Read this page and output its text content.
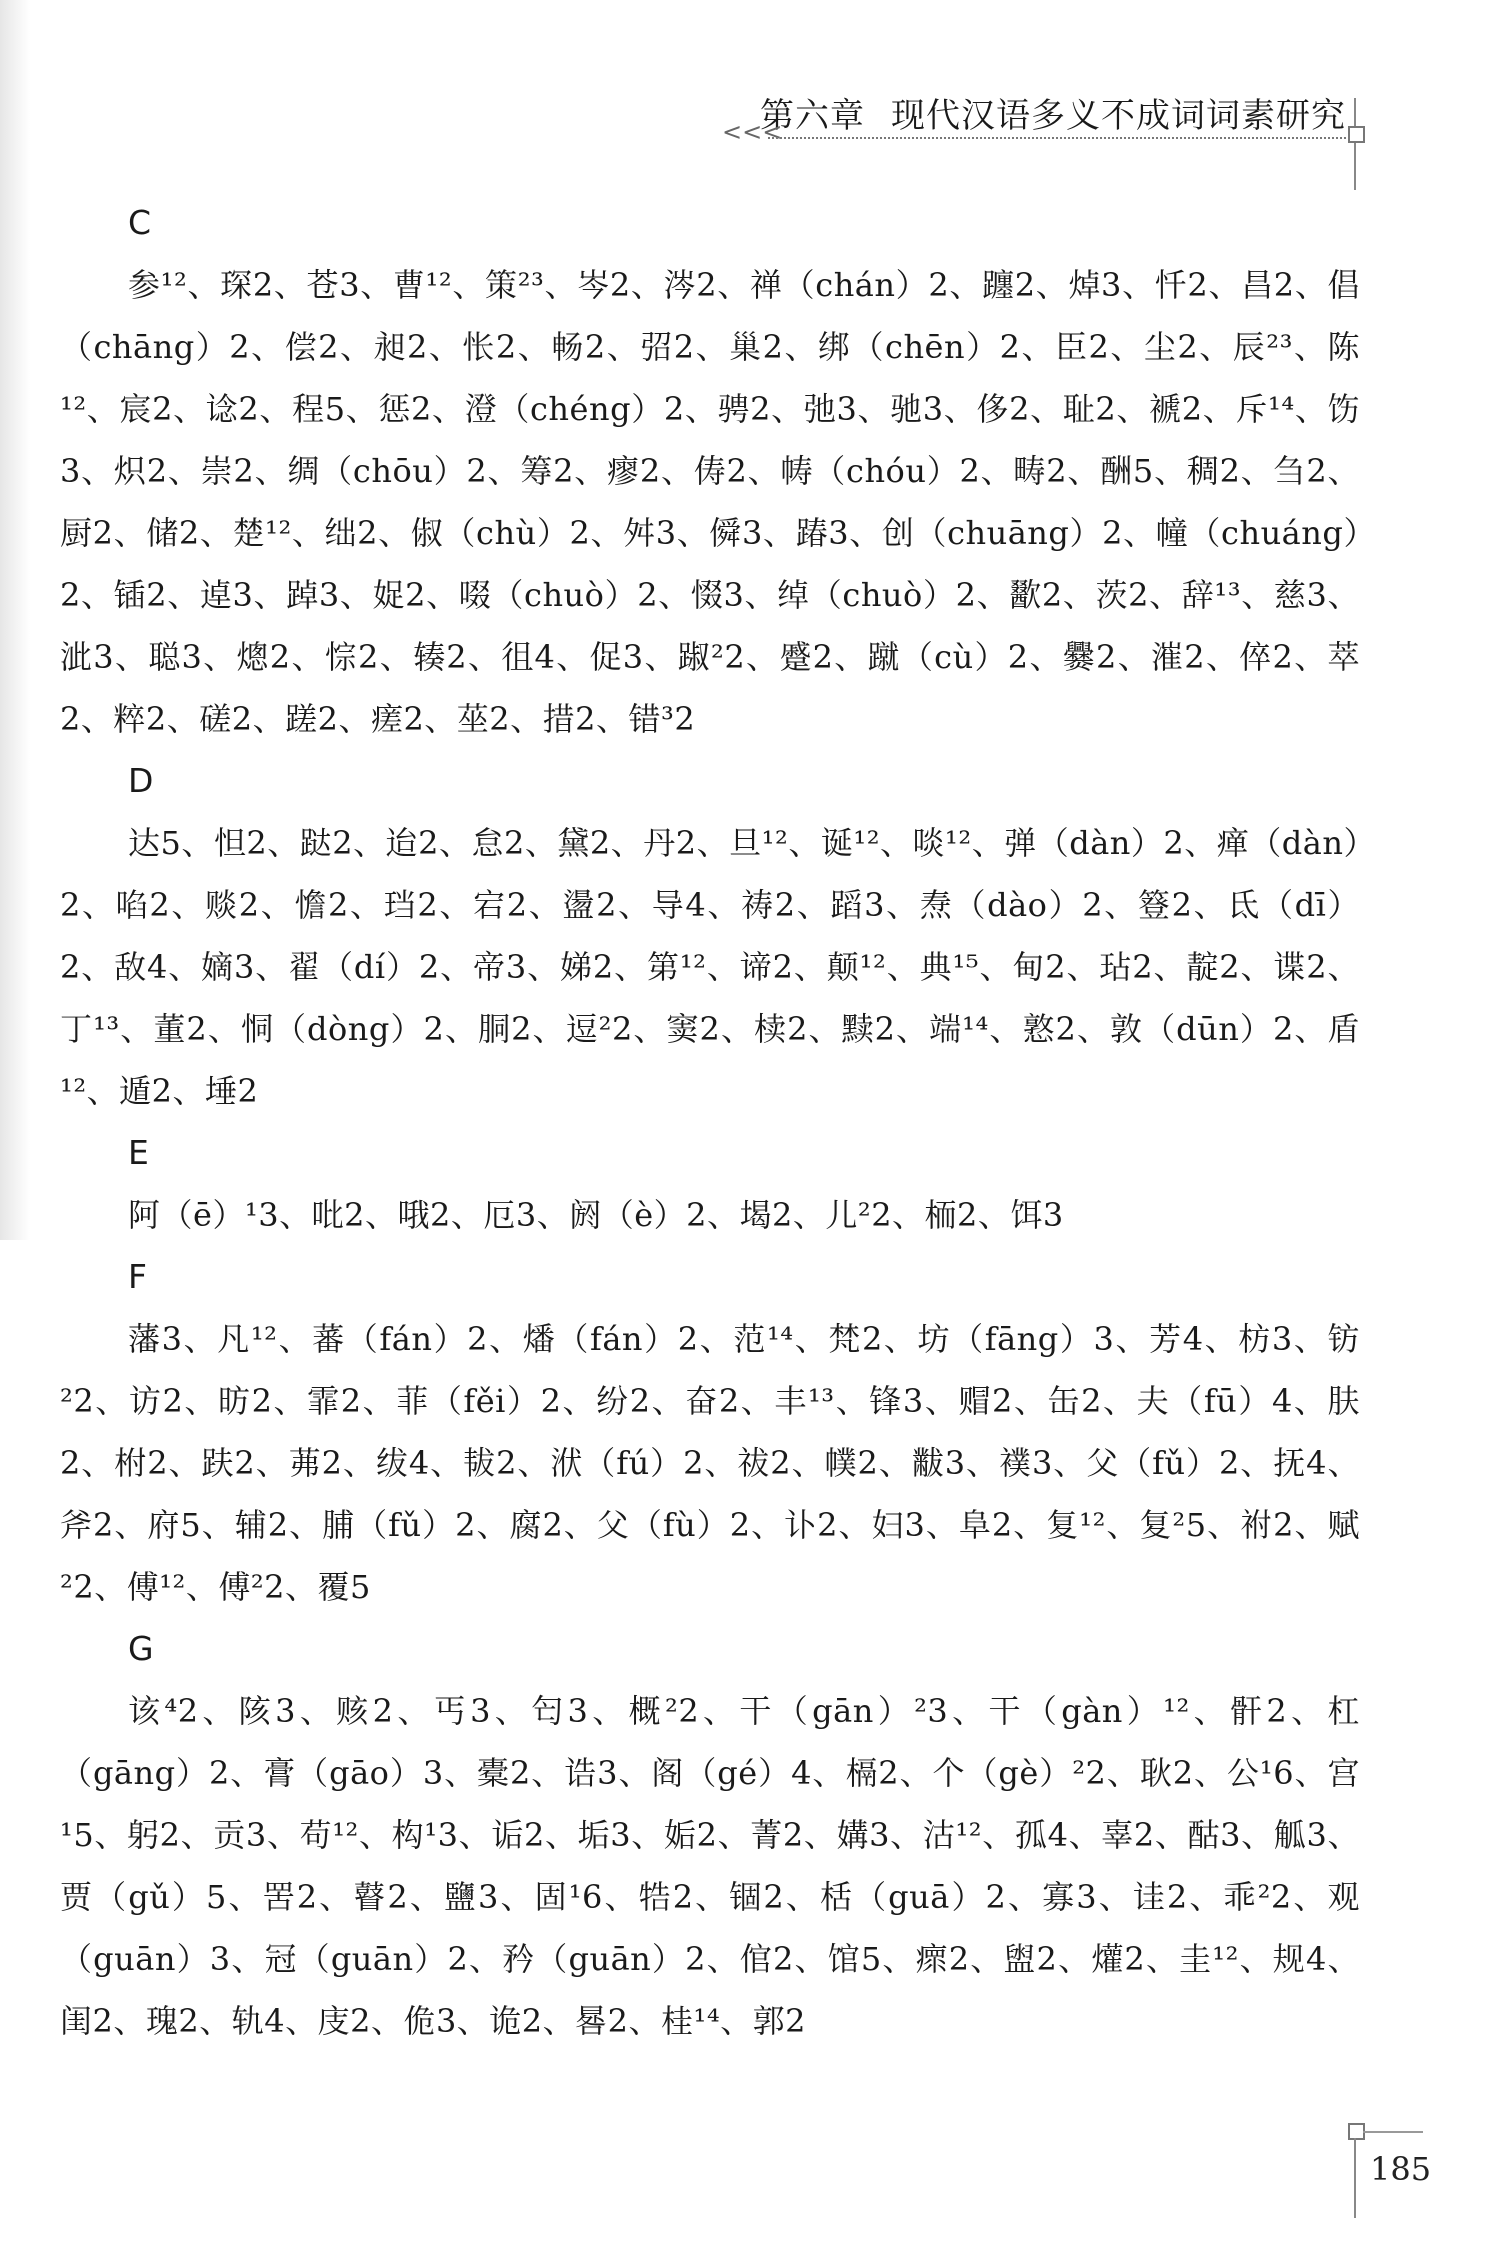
第六章 现代汉语多义不成词词素研究
<<<
C

参¹²、琛2、苍3、曹¹²、策²³、岑2、涔2、禅（chán）2、躔2、焯3、忏2、昌2、倡（chāng）2、偿2、昶2、怅2、畅2、弨2、巢2、绑（chēn）2、臣2、尘2、辰²³、陈¹²、宸2、谂2、程5、惩2、澄（chéng）2、骋2、弛3、驰3、侈2、耻2、褫2、斥¹⁴、饬3、炽2、崇2、绸（chōu）2、筹2、瘳2、俦2、帱（chóu）2、畴2、酬5、稠2、刍2、厨2、储2、楚¹²、绌2、俶（chù）2、舛3、僢3、踳3、创（chuāng）2、幢（chuáng）2、锸2、逴3、踔3、娖2、啜（chuò）2、惙3、绰（chuò）2、歠2、茨2、辞¹³、慈3、泚3、聪3、熜2、悰2、辏2、徂4、促3、踧²2、蹙2、蹴（cù）2、爨2、漼2、倅2、萃2、粹2、磋2、蹉2、瘥2、莝2、措2、错³2

D

达5、怛2、跶2、迨2、怠2、黛2、丹2、旦¹²、诞¹²、啖¹²、弹（dàn）2、瘅（dàn）2、啗2、赕2、憺2、珰2、宕2、盪2、导4、祷2、蹈3、焘（dào）2、簦2、氐（dī）2、敌4、嫡3、翟（dí）2、帝3、娣2、第¹²、谛2、颠¹²、典¹⁵、甸2、玷2、靛2、谍2、丁¹³、董2、恫（dòng）2、胴2、逗²2、窦2、椟2、黩2、端¹⁴、憝2、敦（dūn）2、盾¹²、遁2、埵2

E

阿（ē）¹3、吡2、哦2、厄3、阏（è）2、堨2、儿²2、栭2、饵3

F

藩3、凡¹²、蕃（fán）2、燔（fán）2、范¹⁴、梵2、坊（fāng）3、芳4、枋3、钫²2、访2、昉2、霏2、菲（fěi）2、纷2、奋2、丰¹³、锋3、赗2、缶2、夫（fū）4、肤2、柎2、趺2、茀2、绂4、韨2、洑（fú）2、祓2、幞2、黻3、襆3、父（fǔ）2、抚4、斧2、府5、辅2、脯（fǔ）2、腐2、父（fù）2、讣2、妇3、阜2、复¹²、复²5、祔2、赋²2、傅¹²、傅²2、覆5

G

该⁴2、陔3、赅2、丐3、匄3、概²2、干（gān）²3、干（gàn）¹²、骭2、杠（gāng）2、膏（gāo）3、橐2、诰3、阁（gé）4、槅2、个（gè）²2、耿2、公¹6、宫¹5、躬2、贡3、苟¹²、构¹3、诟2、垢3、姤2、菁2、媾3、沽¹²、孤4、辜2、酤3、觚3、贾（gǔ）5、罟2、瞽2、鹽3、固¹6、牿2、锢2、栝（guā）2、寡3、诖2、乖²2、观（guān）3、冠（guān）2、矜（guān）2、倌2、馆5、瘝2、盥2、爟2、圭¹²、规4、闺2、瑰2、轨4、庋2、佹3、诡2、晷2、桂¹⁴、郭2

185
